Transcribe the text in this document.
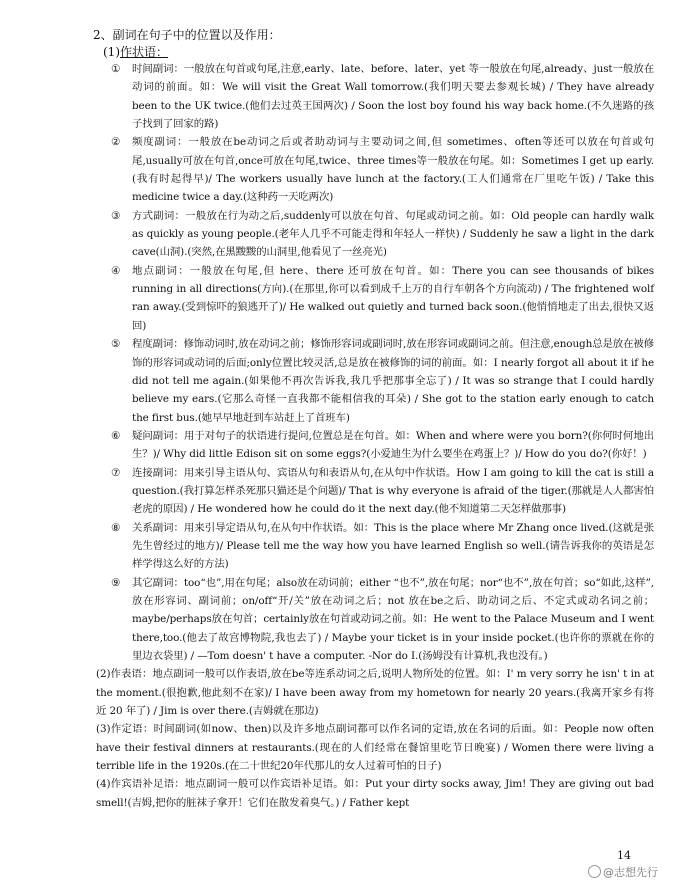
2、副词在句子中的位置以及作用：
(1)作状语：
① 时间副词：一般放在句首或句尾,注意,early、late、before、later、yet 等一般放在句尾,already、just一般放在动词的前面。如：We will visit the Great Wall tomorrow.(我们明天要去参观长城) / They have already been to the UK twice.(他们去过英王国两次) / Soon the lost boy found his way back home.(不久迷路的孩子找到了回家的路)
② 频度副词：一般放在be动词之后或者助动词与主要动词之间,但 sometimes、often等还可以放在句首或句尾,usually可放在句首,once可放在句尾,twice、three times等一般放在句尾。如：Sometimes I get up early.(我有时起得早)/ The workers usually have lunch at the factory.(工人们通常在厂里吃午饭) / Take this medicine twice a day.(这种药一天吃两次)
③ 方式副词：一般放在行为动之后,suddenly可以放在句首、句尾或动词之前。如：Old people can hardly walk as quickly as young people.(老年人几乎不可能走得和年轻人一样快) / Suddenly he saw a light in the dark cave(山洞).(突然,在黑黢黢的山洞里,他看见了一丝亮光)
④ 地点副词：一般放在句尾,但 here、there 还可放在句首。如：There you can see thousands of bikes running in all directions(方向).(在那里,你可以看到成千上万的自行车朝各个方向流动) / The frightened wolf ran away.(受到惊吓的狼逃开了)/ He walked out quietly and turned back soon.(他悄悄地走了出去,很快又返回)
⑤ 程度副词：修饰动词时,放在动词之前；修饰形容词或副词时,放在形容词或副词之前。但注意,enough总是放在被修饰的形容词或动词的后面;only位置比较灵活,总是放在被修饰的词的前面。如：I nearly forgot all about it if he did not tell me again.(如果他不再次告诉我,我几乎把那事全忘了) / It was so strange that I could hardly believe my ears.(它那么奇怪一直我都不能相信我的耳朵) / She got to the station early enough to catch the first bus.(她早早地赶到车站赶上了首班车)
⑥ 疑问副词：用于对句子的状语进行提问,位置总是在句首。如：When and where were you born?(你何时何地出生？)/ Why did little Edison sit on some eggs?(小爱迪生为什么要坐在鸡蛋上？)/ How do you do?(你好！)
⑦ 连接副词：用来引导主语从句、宾语从句和表语从句,在从句中作状语。How I am going to kill the cat is still a question.(我打算怎样杀死那只猫还是个问题)/ That is why everyone is afraid of the tiger.(那就是人人都害怕老虎的原因) / He wondered how he could do it the next day.(他不知道第二天怎样做那事)
⑧ 关系副词：用来引导定语从句,在从句中作状语。如：This is the place where Mr Zhang once lived.(这就是张先生曾经过的地方)/ Please tell me the way how you have learned English so well.(请告诉我你的英语是怎样学得这么好的方法)
⑨ 其它副词：too“也”,用在句尾；also放在动词前；either “也不”,放在句尾；nor“也不”,放在句首；so“如此,这样”,放在形容词、副词前；on/off“开/关”放在动词之后；not 放在be之后、助动词之后、不定式或动名词之前；maybe/perhaps放在句首；certainly放在句首或动词之前。如：He went to the Palace Museum and I went there,too.(他去了故宫博物院,我也去了) / Maybe your ticket is in your inside pocket.(也许你的票就在你的里边衣袋里) / —Tom doesn' t have a computer. -Nor do I.(汤姆没有计算机,我也没有。)
(2)作表语：地点副词一般可以作表语,放在be等连系动词之后,说明人物所处的位置。如：I' m very sorry he isn' t in at the moment.(很抱歉,他此刻不在家)/ I have been away from my hometown for nearly 20 years.(我离开家乡有将近 20 年了) / Jim is over there.(吉姆就在那边)
(3)作定语：时间副词(如now、then)以及许多地点副词都可以作名词的定语,放在名词的后面。如：People now often have their festival dinners at restaurants.(现在的人们经常在餐馆里吃节日晚宴) / Women there were living a terrible life in the 1920s.(在二十世纪20年代那儿的女人过着可怕的日子)
(4)作宾语补足语：地点副词一般可以作宾语补足语。如：Put your dirty socks away, Jim! They are giving out bad smell!(吉姆,把你的脏袜子拿开！它们在散发着臭气。) / Father kept
14
@志想先行
